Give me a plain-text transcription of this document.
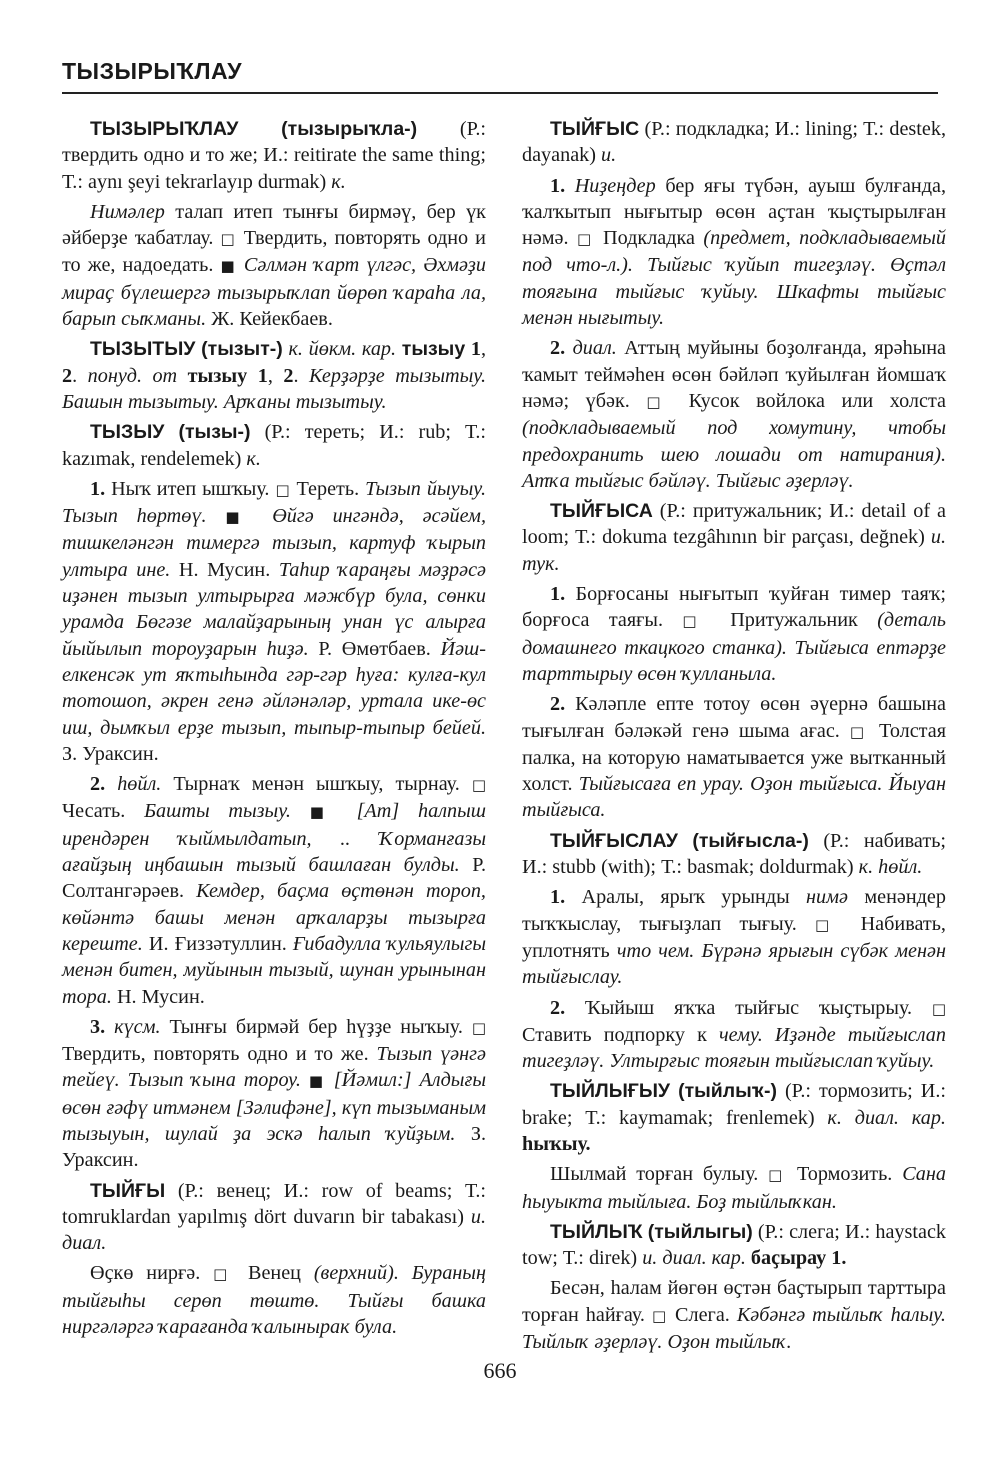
ТЫЗЫРЫҠЛАУ

ТЫЗЫРЫҠЛАУ (тызырыҡла-) (Р.: твердить одно и то же; И.: reitirate the same thing; Т.: aynı şeyi tekrarlayıp durmak) к.

Нимәлер талап итеп тынғы бирмәү, бер үк әйберҙе ҡабатлау. □ Твердить, повторять одно и то же, надоедать. ■ Сәлмән ҡарт үлгәс, Әхмәҙи мираҫ бүлешергә тызырыҡлап йөрөп ҡараһа ла, барып сыҡманы. Ж. Кейекбаев.

ТЫЗЫТЫУ (тызыт-) к. йөкм. кар. тызыу 1, 2. понуд. от тызыу 1, 2. Керҙәрҙе тызытыу. Башын тызытыу. Арҡаны тызытыу.

ТЫЗЫУ (тызы-) (Р.: тереть; И.: rub; Т.: kazımak, rendelemek) к.

1. Ныҡ итеп ышҡыу. □ Тереть. Тызып йыуыу. Тызып һөртөү. ■ Өйгә ингәндә, әсәйем, тишкеләнгән тимергә тызып, картуф ҡырып ултыра ине. Н. Мусин. Таһир ҡараңғы мәҙрәсә иҙәнен тызып ултырырға мәжбүр була, сөнки урамда Бөгәзе малайҙарының унан үс алырға йыйылып тороуҙарын һиҙә. Р. Өмөтбаев. Йәш-елкенсәк ут яҡтыһында гәр-гәр һуға: кулға-кул тотошоп, әкрен генә әйләнәләр, уртала ике-өс иш, дымҡыл ерҙе тызып, тыпыр-тыпыр бейей. З. Ураксин.

2. һөйл. Тырнаҡ менән ышҡыу, тырнау. □ Чесать. Башты тызыу. ■ [Ат] һалпыш ирендәрен ҡыймылдатып, .. Ҡорманғазы ағайҙың иңбашын тызый башлаған булды. Р. Солтангәрәев. Кемдер, баҫма өҫтөнән тороп, көйәнтә башы менән арҡаларҙы тызырға кереште. И. Ғиззәтуллин. Ғибадулла ҡульяулыгы менән битен, муйынын тызый, шунан урынынан тора. Н. Мусин.

3. күсм. Тынғы бирмәй бер һүҙҙе ныҡыу. □ Твердить, повторять одно и то же. Тызып үәнгә тейеү. Тызып ҡына тороу. ■ [Йәмил:] Алдығы өсөн ғәфү итмәнем [Зәлифәне], күп тызыманым тызыуын, шулай ҙа эскә һалып ҡуйҙым. З. Ураксин.

ТЫЙҒЫ (Р.: венец; И.: row of beams; Т.: tomruklardan yapılmış dört duvarın bir tabakası) и. диал.

Өҫкө нирғә. □ Венец (верхний). Бураның тыйғыһы серөп төштө. Тыйғы башка ниргәләргә ҡарағанда ҡалынырак була.

ТЫЙҒЫС (Р.: подкладка; И.: lining; Т.: destek, dayanak) и.

1. Ниҙеңдер бер яғы түбән, ауыш булғанда, ҡалҡытып нығытыр өсөн аҫтан ҡыҫтырылған нәмә. □ Подкладка (предмет, подкладываемый под что-л.). Тыйғыс ҡуйып тигеҙләү. Өҫтәл тояғына тыйғыс ҡуйыу. Шкафты тыйғыс менән нығытыу.

2. диал. Аттың муйыны боҙолғанда, ярәһына ҡамыт теймәһен өсөн бәйләп ҡуйылған йомшаҡ нәмә; үбәк. □ Кусок войлока или холста (подкладываемый под хомутину, чтобы предохранить шею лошади от натирания). Атҡа тыйғыс бәйләү. Тыйғыс әҙерләү.

ТЫЙҒЫСА (Р.: притужальник; И.: detail of a loom; Т.: dokuma tezgâhının bir parçası, değnek) и. тук.

1. Борғосаны нығытып ҡуйған тимер таяҡ; борғоса таяғы. □ Притужальник (деталь домашнего ткацкого станка). Тыйғыса ептәрҙе тарттырыу өсөн ҡулланыла.

2. Кәләпле епте тотоу өсөн әүернә башына тығылған бәләкәй генә шыма ағас. □ Толстая палка, на которую наматывается уже вытканный холст. Тыйғысаға еп урау. Оҙон тыйғыса. Йыуан тыйғыса.

ТЫЙҒЫСЛАУ (тыйғысла-) (Р.: набивать; И.: stubb (with); Т.: basmak; doldurmak) к. һөйл.

1. Аралы, ярыҡ урынды нимә менәндер тыҡҡыслау, тығыҙлап тығыу. □ Набивать, уплотнять что чем. Бүрәнә ярығын сүбәк менән тыйғыслау.

2. Ҡыйыш яҡҡа тыйғыс ҡыҫтырыу. □ Ставить подпорку к чему. Иҙәнде тыйғыслап тигеҙләү. Ултырғыс тояғын тыйғыслап ҡуйыу.

ТЫЙЛЫҒЫУ (тыйлыҡ-) (Р.: тормозить; И.: brake; Т.: kaymamak; frenlemek) к. диал. кар. һыҡыу.

Шылмай торған булыу. □ Тормозить. Сана һыуыкта тыйлыға. Боҙ тыйлыҡкан.

ТЫЙЛЫҠ (тыйлыгы) (Р.: слега; И.: haystack tow; Т.: direk) и. диал. кар. баҫырау 1.

Бесән, һалам йөгөн өҫтән баҫтырып тарттыра торған һайғау. □ Слега. Кәбәнгә тыйлыҡ һалыу. Тыйлыҡ әҙерләү. Оҙон тыйлыҡ.

666
